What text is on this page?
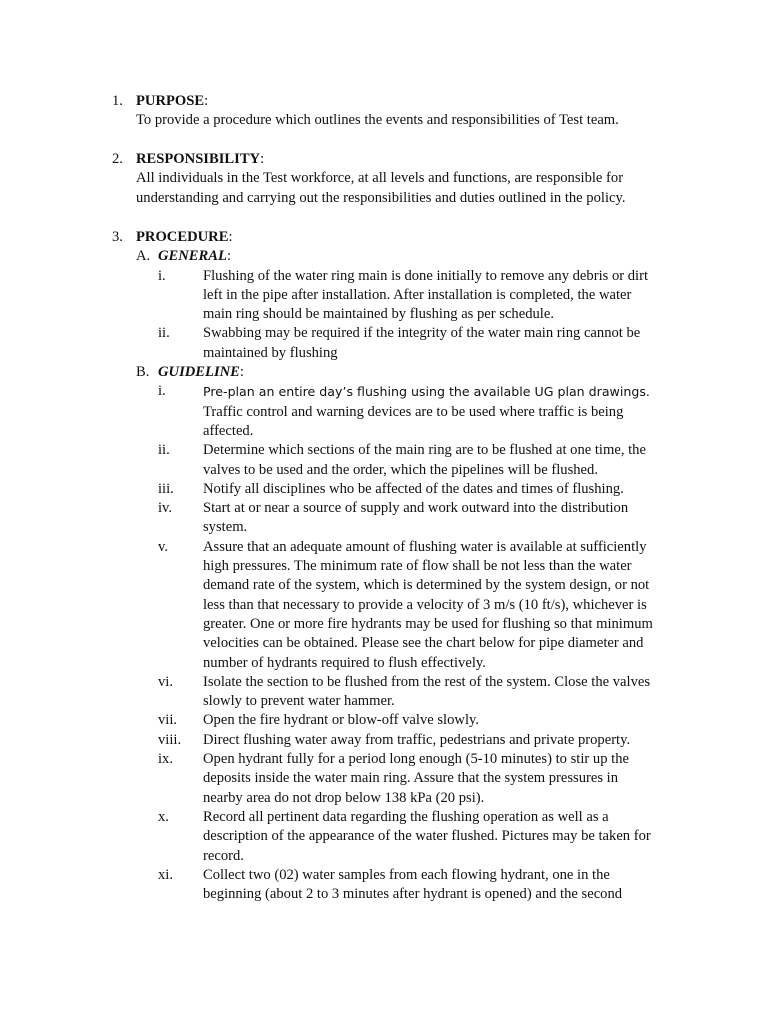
1. PURPOSE:
To provide a procedure which outlines the events and responsibilities of Test team.
2. RESPONSIBILITY:
All individuals in the Test workforce, at all levels and functions, are responsible for understanding and carrying out the responsibilities and duties outlined in the policy.
3. PROCEDURE:
A. GENERAL:
i.	Flushing of the water ring main is done initially to remove any debris or dirt left in the pipe after installation. After installation is completed, the water main ring should be maintained by flushing as per schedule.
ii.	Swabbing may be required if the integrity of the water main ring cannot be maintained by flushing
B. GUIDELINE:
i.	Pre-plan an entire day’s flushing using the available UG plan drawings. Traffic control and warning devices are to be used where traffic is being affected.
ii.	Determine which sections of the main ring are to be flushed at one time, the valves to be used and the order, which the pipelines will be flushed.
iii.	Notify all disciplines who be affected of the dates and times of flushing.
iv.	Start at or near a source of supply and work outward into the distribution system.
v.	Assure that an adequate amount of flushing water is available at sufficiently high pressures. The minimum rate of flow shall be not less than the water demand rate of the system, which is determined by the system design, or not less than that necessary to provide a velocity of 3 m/s (10 ft/s), whichever is greater. One or more fire hydrants may be used for flushing so that minimum velocities can be obtained. Please see the chart below for pipe diameter and number of hydrants required to flush effectively.
vi.	Isolate the section to be flushed from the rest of the system. Close the valves slowly to prevent water hammer.
vii.	Open the fire hydrant or blow-off valve slowly.
viii.	Direct flushing water away from traffic, pedestrians and private property.
ix.	Open hydrant fully for a period long enough (5-10 minutes) to stir up the deposits inside the water main ring. Assure that the system pressures in nearby area do not drop below 138 kPa (20 psi).
x.	Record all pertinent data regarding the flushing operation as well as a description of the appearance of the water flushed. Pictures may be taken for record.
xi.	Collect two (02) water samples from each flowing hydrant, one in the beginning (about 2 to 3 minutes after hydrant is opened) and the second
